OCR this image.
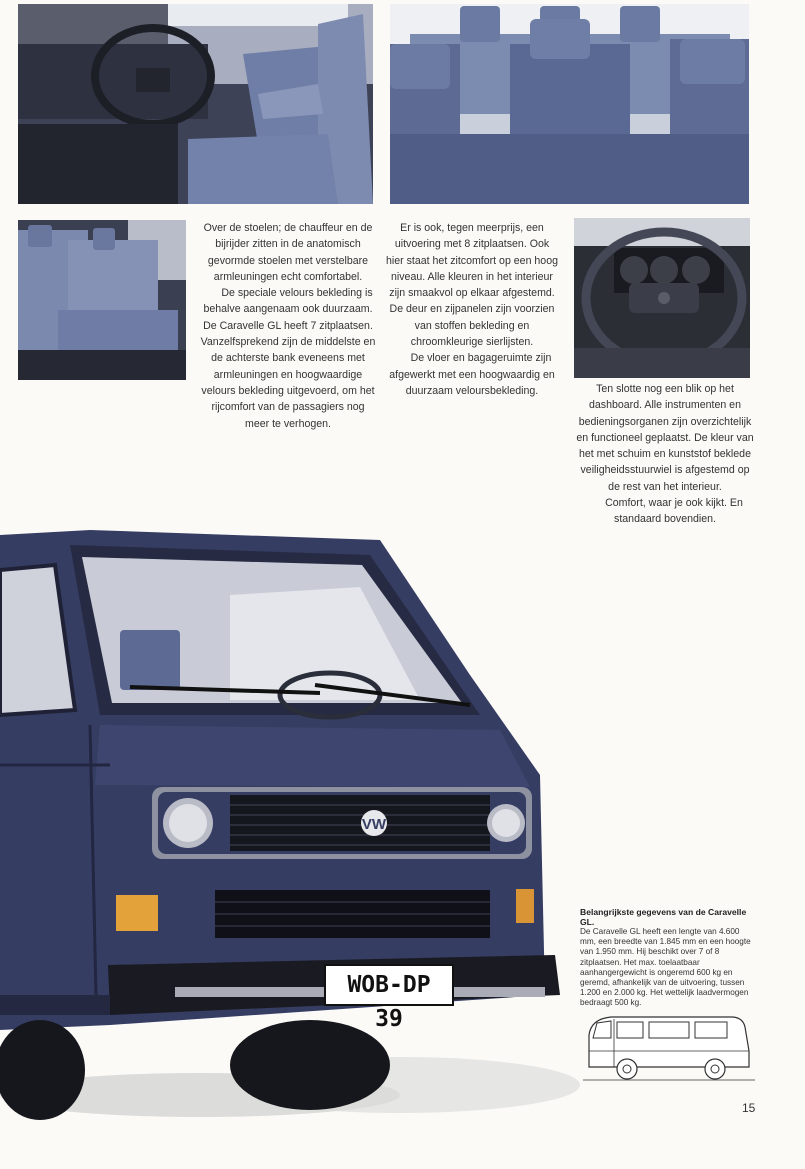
Over de stoelen; de chauffeur en de bijrijder zitten in de anatomisch gevormde stoelen met verstelbare armleuningen echt comfortabel.

De speciale velours bekleding is behalve aangenaam ook duurzaam. De Caravelle GL heeft 7 zitplaatsen. Vanzelfsprekend zijn de middelste en de achterste bank eveneens met armleuningen en hoogwaardige velours bekleding uitgevoerd, om het rijcomfort van de passagiers nog meer te verhogen.

Er is ook, tegen meerprijs, een uitvoering met 8 zitplaatsen. Ook hier staat het zitcomfort op een hoog niveau. Alle kleuren in het interieur zijn smaakvol op elkaar afgestemd. De deur en zijpanelen zijn voorzien van stoffen bekleding en chroomkleurige sierlijsten.

De vloer en bagageruimte zijn afgewerkt met een hoogwaardig en duurzaam veloursbekleding.	Ten slotte nog een blik op het dashboard. Alle instrumenten en bedieningsorganen zijn overzichtelijk en functioneel geplaatst. De kleur van het met schuim en kunststof beklede veiligheidsstuurwiel is afgestemd op de rest van het interieur.

Comfort, waar je ook kijkt. En standaard bovendien.

VW
WOB-DP 39
Belangrijkste gegevens van de Caravelle GL.
De Caravelle GL heeft een lengte van 4.600 mm, een breedte van 1.845 mm en een hoogte van 1.950 mm. Hij beschikt over 7 of 8 zitplaatsen. Het max. toelaatbaar aanhangergewicht is ongeremd 600 kg en geremd, afhankelijk van de uitvoering, tussen 1.200 en 2.000 kg. Het wettelijk laadvermogen bedraagt 500 kg.
15
